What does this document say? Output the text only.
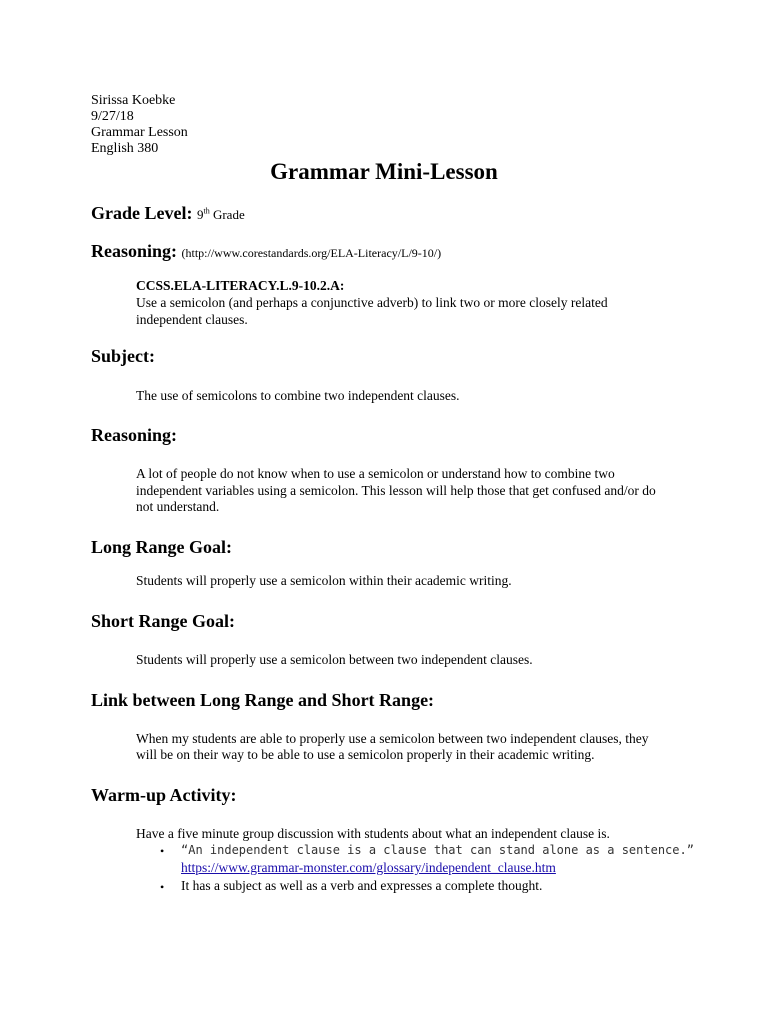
Sirissa Koebke
9/27/18
Grammar Lesson
English 380
Grammar Mini-Lesson
Grade Level: 9th Grade
Reasoning: (http://www.corestandards.org/ELA-Literacy/L/9-10/)
CCSS.ELA-LITERACY.L.9-10.2.A:
Use a semicolon (and perhaps a conjunctive adverb) to link two or more closely related
independent clauses.
Subject:
The use of semicolons to combine two independent clauses.
Reasoning:
A lot of people do not know when to use a semicolon or understand how to combine two
independent variables using a semicolon. This lesson will help those that get confused and/or do
not understand.
Long Range Goal:
Students will properly use a semicolon within their academic writing.
Short Range Goal:
Students will properly use a semicolon between two independent clauses.
Link between Long Range and Short Range:
When my students are able to properly use a semicolon between two independent clauses, they
will be on their way to be able to use a semicolon properly in their academic writing.
Warm-up Activity:
Have a five minute group discussion with students about what an independent clause is.
• “An independent clause is a clause that can stand alone as a sentence.”
https://www.grammar-monster.com/glossary/independent_clause.htm
• It has a subject as well as a verb and expresses a complete thought.
